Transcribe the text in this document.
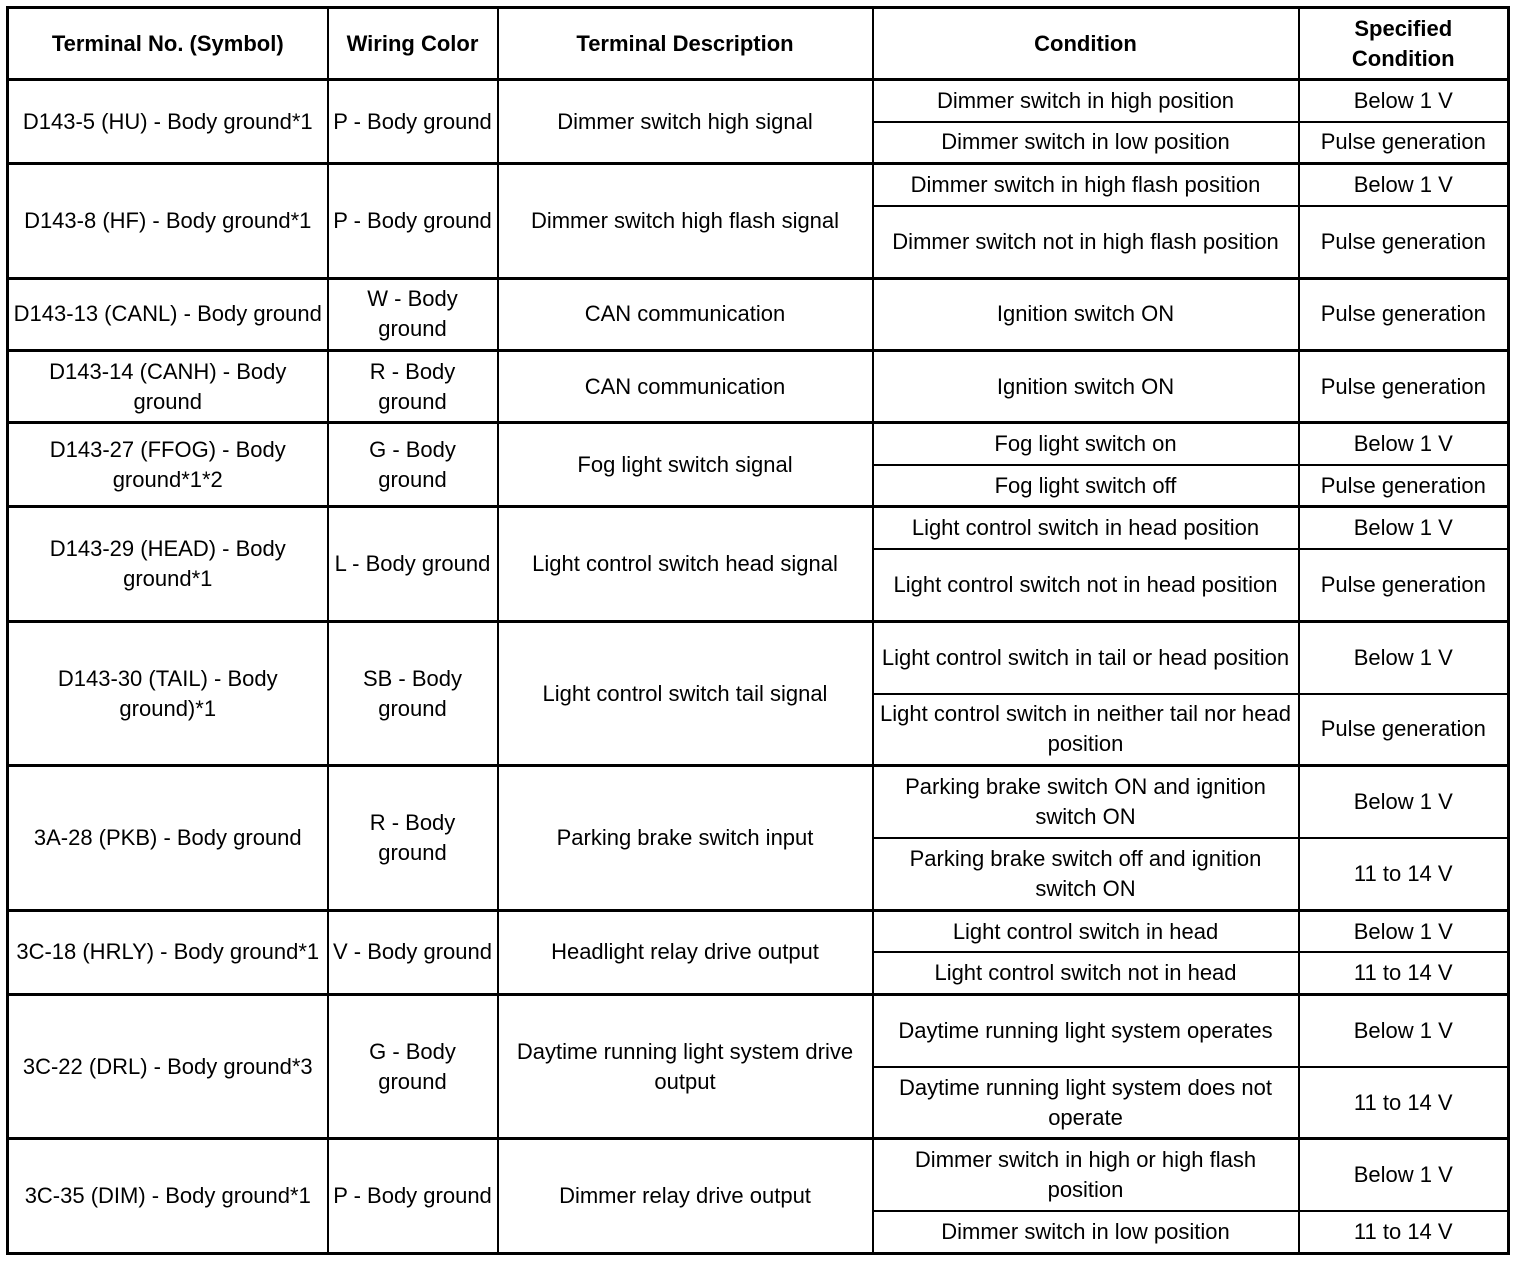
Terminal No. (Symbol)	Wiring Color	Terminal Description	Condition	Specified Condition
D143-5 (HU) - Body ground*1	P - Body ground	Dimmer switch high signal	Dimmer switch in high position	Below 1 V
			Dimmer switch in low position	Pulse generation
D143-8 (HF) - Body ground*1	P - Body ground	Dimmer switch high flash signal	Dimmer switch in high flash position	Below 1 V
			Dimmer switch not in high flash position	Pulse generation
D143-13 (CANL) - Body ground	W - Body ground	CAN communication	Ignition switch ON	Pulse generation
D143-14 (CANH) - Body ground	R - Body ground	CAN communication	Ignition switch ON	Pulse generation
D143-27 (FFOG) - Body ground*1*2	G - Body ground	Fog light switch signal	Fog light switch on	Below 1 V
			Fog light switch off	Pulse generation
D143-29 (HEAD) - Body ground*1	L - Body ground	Light control switch head signal	Light control switch in head position	Below 1 V
			Light control switch not in head position	Pulse generation
D143-30 (TAIL) - Body ground)*1	SB - Body ground	Light control switch tail signal	Light control switch in tail or head position	Below 1 V
			Light control switch in neither tail nor head position	Pulse generation
3A-28 (PKB) - Body ground	R - Body ground	Parking brake switch input	Parking brake switch ON and ignition switch ON	Below 1 V
			Parking brake switch off and ignition switch ON	11 to 14 V
3C-18 (HRLY) - Body ground*1	V - Body ground	Headlight relay drive output	Light control switch in head	Below 1 V
			Light control switch not in head	11 to 14 V
3C-22 (DRL) - Body ground*3	G - Body ground	Daytime running light system drive output	Daytime running light system operates	Below 1 V
			Daytime running light system does not operate	11 to 14 V
3C-35 (DIM) - Body ground*1	P - Body ground	Dimmer relay drive output	Dimmer switch in high or high flash position	Below 1 V
			Dimmer switch in low position	11 to 14 V
